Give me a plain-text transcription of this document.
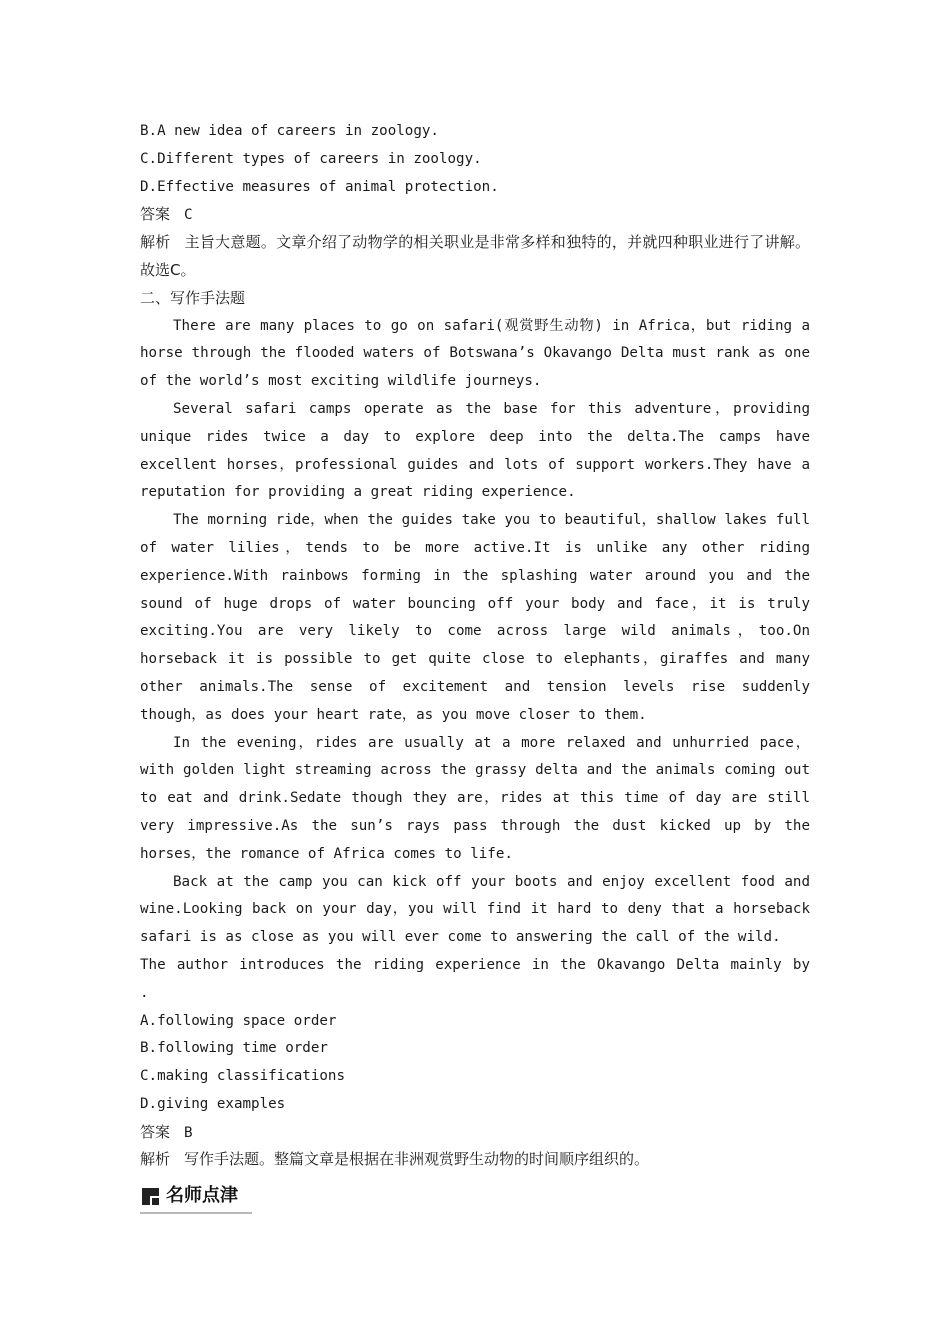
B.A new idea of careers in zoology.
C.Different types of careers in zoology.
D.Effective measures of animal protection.
答案 C

解析 主旨大意题。文章介绍了动物学的相关职业是非常多样和独特的，并就四种职业进行了讲解。故选C。

二、写作手法题

There are many places to go on safari(观赏野生动物) in Africa，but riding a horse through the flooded waters of Botswana’s Okavango Delta must rank as one of the world’s most exciting wildlife journeys.

Several safari camps operate as the base for this adventure，providing unique rides twice a day to explore deep into the delta.The camps have excellent horses，professional guides and lots of support workers.They have a reputation for providing a great riding experience.

The morning ride，when the guides take you to beautiful，shallow lakes full of water lilies，tends to be more active.It is unlike any other riding experience.With rainbows forming in the splashing water around you and the sound of huge drops of water bouncing off your body and face，it is truly exciting.You are very likely to come across large wild animals，too.On horseback it is possible to get quite close to elephants，giraffes and many other animals.The sense of excitement and tension levels rise suddenly though，as does your heart rate，as you move closer to them.

In the evening，rides are usually at a more relaxed and unhurried pace，with golden light streaming across the grassy delta and the animals coming out to eat and drink.Sedate though they are，rides at this time of day are still very impressive.As the sun’s rays pass through the dust kicked up by the horses，the romance of Africa comes to life.

Back at the camp you can kick off your boots and enjoy excellent food and wine.Looking back on your day，you will find it hard to deny that a horseback safari is as close as you will ever come to answering the call of the wild.

The author introduces the riding experience in the Okavango Delta mainly by

.
A.following space order
B.following time order
C.making classifications
D.giving examples
答案 B

解析 写作手法题。整篇文章是根据在非洲观赏野生动物的时间顺序组织的。

名师点津
